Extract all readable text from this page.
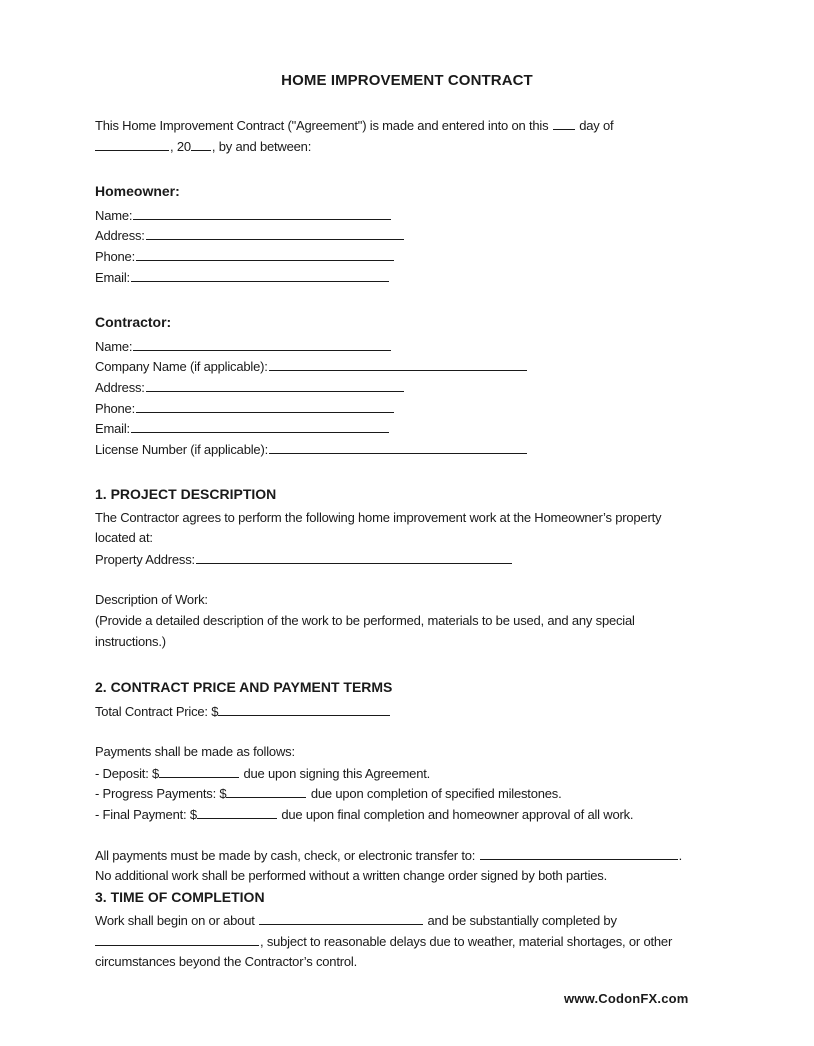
HOME IMPROVEMENT CONTRACT
This Home Improvement Contract ("Agreement") is made and entered into on this day of
, 20 , by and between:
Homeowner:
Name:
Address:
Phone:
Email:
Contractor:
Name:
Company Name (if applicable):
Address:
Phone:
Email:
License Number (if applicable):
1. PROJECT DESCRIPTION
The Contractor agrees to perform the following home improvement work at the Homeowner’s property
located at:
Property Address:
Description of Work:
(Provide a detailed description of the work to be performed, materials to be used, and any special
instructions.)
2. CONTRACT PRICE AND PAYMENT TERMS
Total Contract Price: $
Payments shall be made as follows:
- Deposit: $	due upon signing this Agreement.
- Progress Payments: $	due upon completion of specified milestones.
- Final Payment: $	due upon final completion and homeowner approval of all work.
All payments must be made by cash, check, or electronic transfer to:	.
No additional work shall be performed without a written change order signed by both parties.
3. TIME OF COMPLETION
Work shall begin on or about	and be substantially completed by
, subject to reasonable delays due to weather, material shortages, or other
circumstances beyond the Contractor’s control.
www.CodonFX.com
